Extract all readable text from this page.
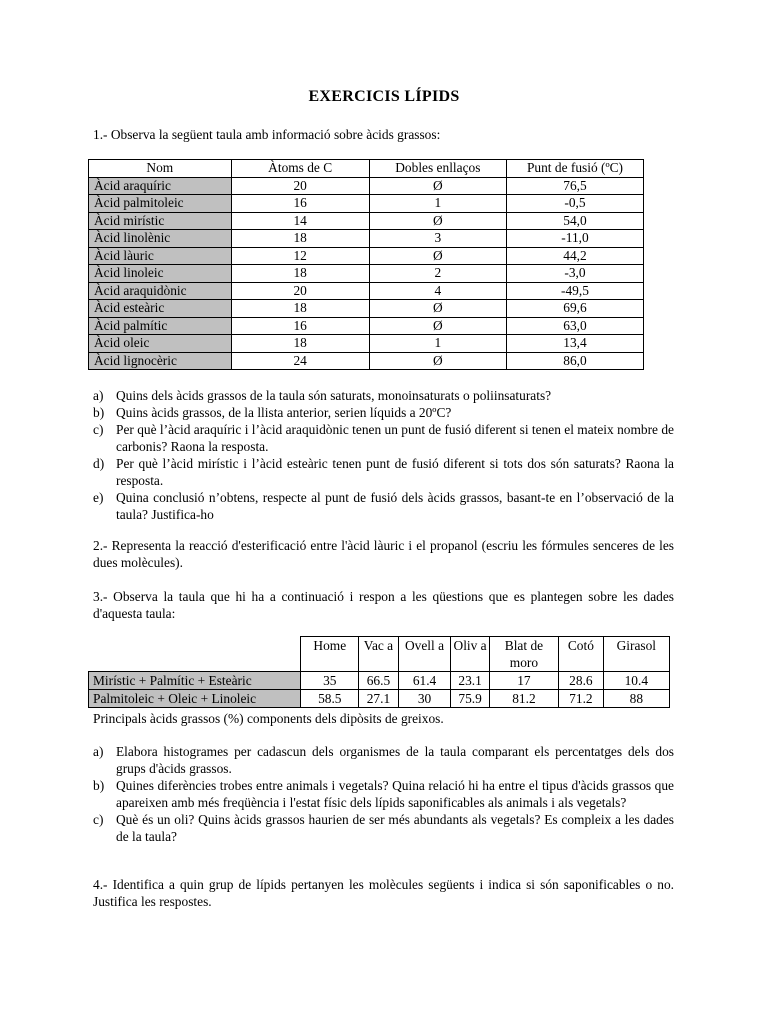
EXERCICIS LÍPIDS
1.- Observa la següent taula amb informació sobre àcids grassos:
Nom	Àtoms de C	Dobles enllaços	Punt de fusió (ºC)
Àcid araquíric	20	Ø	76,5
Àcid palmitoleic	16	1	-0,5
Àcid mirístic	14	Ø	54,0
Àcid linolènic	18	3	-11,0
Àcid làuric	12	Ø	44,2
Àcid linoleic	18	2	-3,0
Àcid araquidònic	20	4	-49,5
Àcid esteàric	18	Ø	69,6
Àcid palmític	16	Ø	63,0
Àcid oleic	18	1	13,4
Àcid lignocèric	24	Ø	86,0
a) Quins dels àcids grassos de la taula són saturats, monoinsaturats o poliinsaturats?
b) Quins àcids grassos, de la llista anterior, serien líquids a 20ºC?
c) Per què l’àcid araquíric i l’àcid araquidònic tenen un punt de fusió diferent si tenen el mateix nombre de carbonis? Raona la resposta.
d) Per què l’àcid mirístic i l’àcid esteàric tenen punt de fusió diferent si tots dos són saturats? Raona la resposta.
e) Quina conclusió n’obtens, respecte al punt de fusió dels àcids grassos, basant-te en l’observació de la taula? Justifica-ho
2.- Representa la reacció d'esterificació entre l'àcid làuric i el propanol (escriu les fórmules senceres de les dues molècules).
3.- Observa la taula que hi ha a continuació i respon a les qüestions que es plantegen sobre les dades d'aquesta taula:
	Home	Vac a	Ovell a	Oliv a	Blat de moro	Cotó	Girasol
Mirístic + Palmític + Esteàric	35	66.5	61.4	23.1	17	28.6	10.4
Palmitoleic + Oleic + Linoleic	58.5	27.1	30	75.9	81.2	71.2	88
Principals àcids grassos (%) components dels dipòsits de greixos.
a) Elabora histogrames per cadascun dels organismes de la taula comparant els percentatges dels dos grups d'àcids grassos.
b) Quines diferències trobes entre animals i vegetals? Quina relació hi ha entre el tipus d'àcids grassos que apareixen amb més freqüència i l'estat físic dels lípids saponificables als animals i als vegetals?
c) Què és un oli? Quins àcids grassos haurien de ser més abundants als vegetals? Es compleix a les dades de la taula?
4.- Identifica a quin grup de lípids pertanyen les molècules següents i indica si són saponificables o no. Justifica les respostes.
